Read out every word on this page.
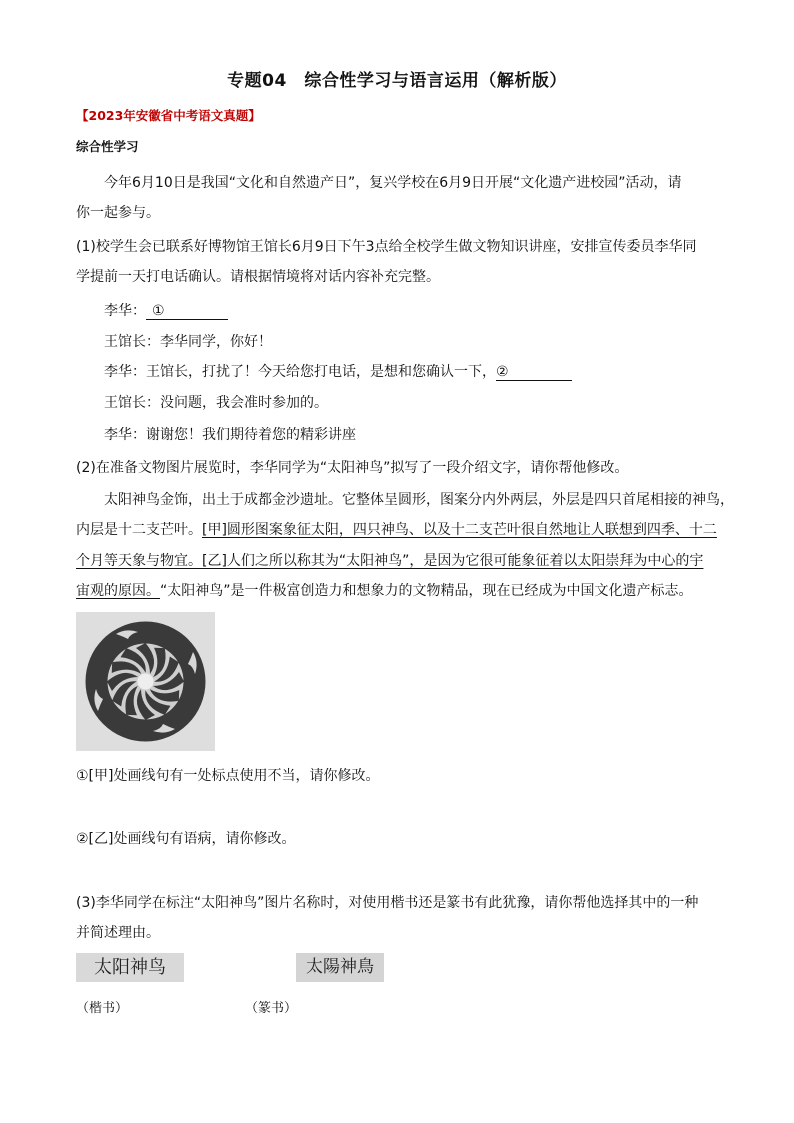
专题04　综合性学习与语言运用（解析版）
【2023年安徽省中考语文真题】
综合性学习
今年6月10日是我国“文化和自然遗产日”，复兴学校在6月9日开展“文化遗产进校园”活动，请
你一起参与。
(1)校学生会已联系好博物馆王馆长6月9日下午3点给全校学生做文物知识讲座，安排宣传委员李华同
学提前一天打电话确认。请根据情境将对话内容补充完整。
李华： ①
王馆长：李华同学，你好！
李华：王馆长，打扰了！今天给您打电话，是想和您确认一下，②
王馆长：没问题，我会准时参加的。
李华：谢谢您！我们期待着您的精彩讲座
(2)在准备文物图片展览时，李华同学为“太阳神鸟”拟写了一段介绍文字，请你帮他修改。
太阳神鸟金饰，出土于成都金沙遗址。它整体呈圆形，图案分内外两层，外层是四只首尾相接的神鸟，
内层是十二支芒叶。[甲]圆形图案象征太阳，四只神鸟、以及十二支芒叶很自然地让人联想到四季、十二
个月等天象与物宜。[乙]人们之所以称其为“太阳神鸟”，是因为它很可能象征着以太阳崇拜为中心的宇
宙观的原因。“太阳神鸟”是一件极富创造力和想象力的文物精品，现在已经成为中国文化遗产标志。
①[甲]处画线句有一处标点使用不当，请你修改。
②[乙]处画线句有语病，请你修改。
(3)李华同学在标注“太阳神鸟”图片名称时，对使用楷书还是篆书有此犹豫，请你帮他选择其中的一种
并简述理由。
太阳神鸟	太陽神鳥
（楷书）	（篆书）
